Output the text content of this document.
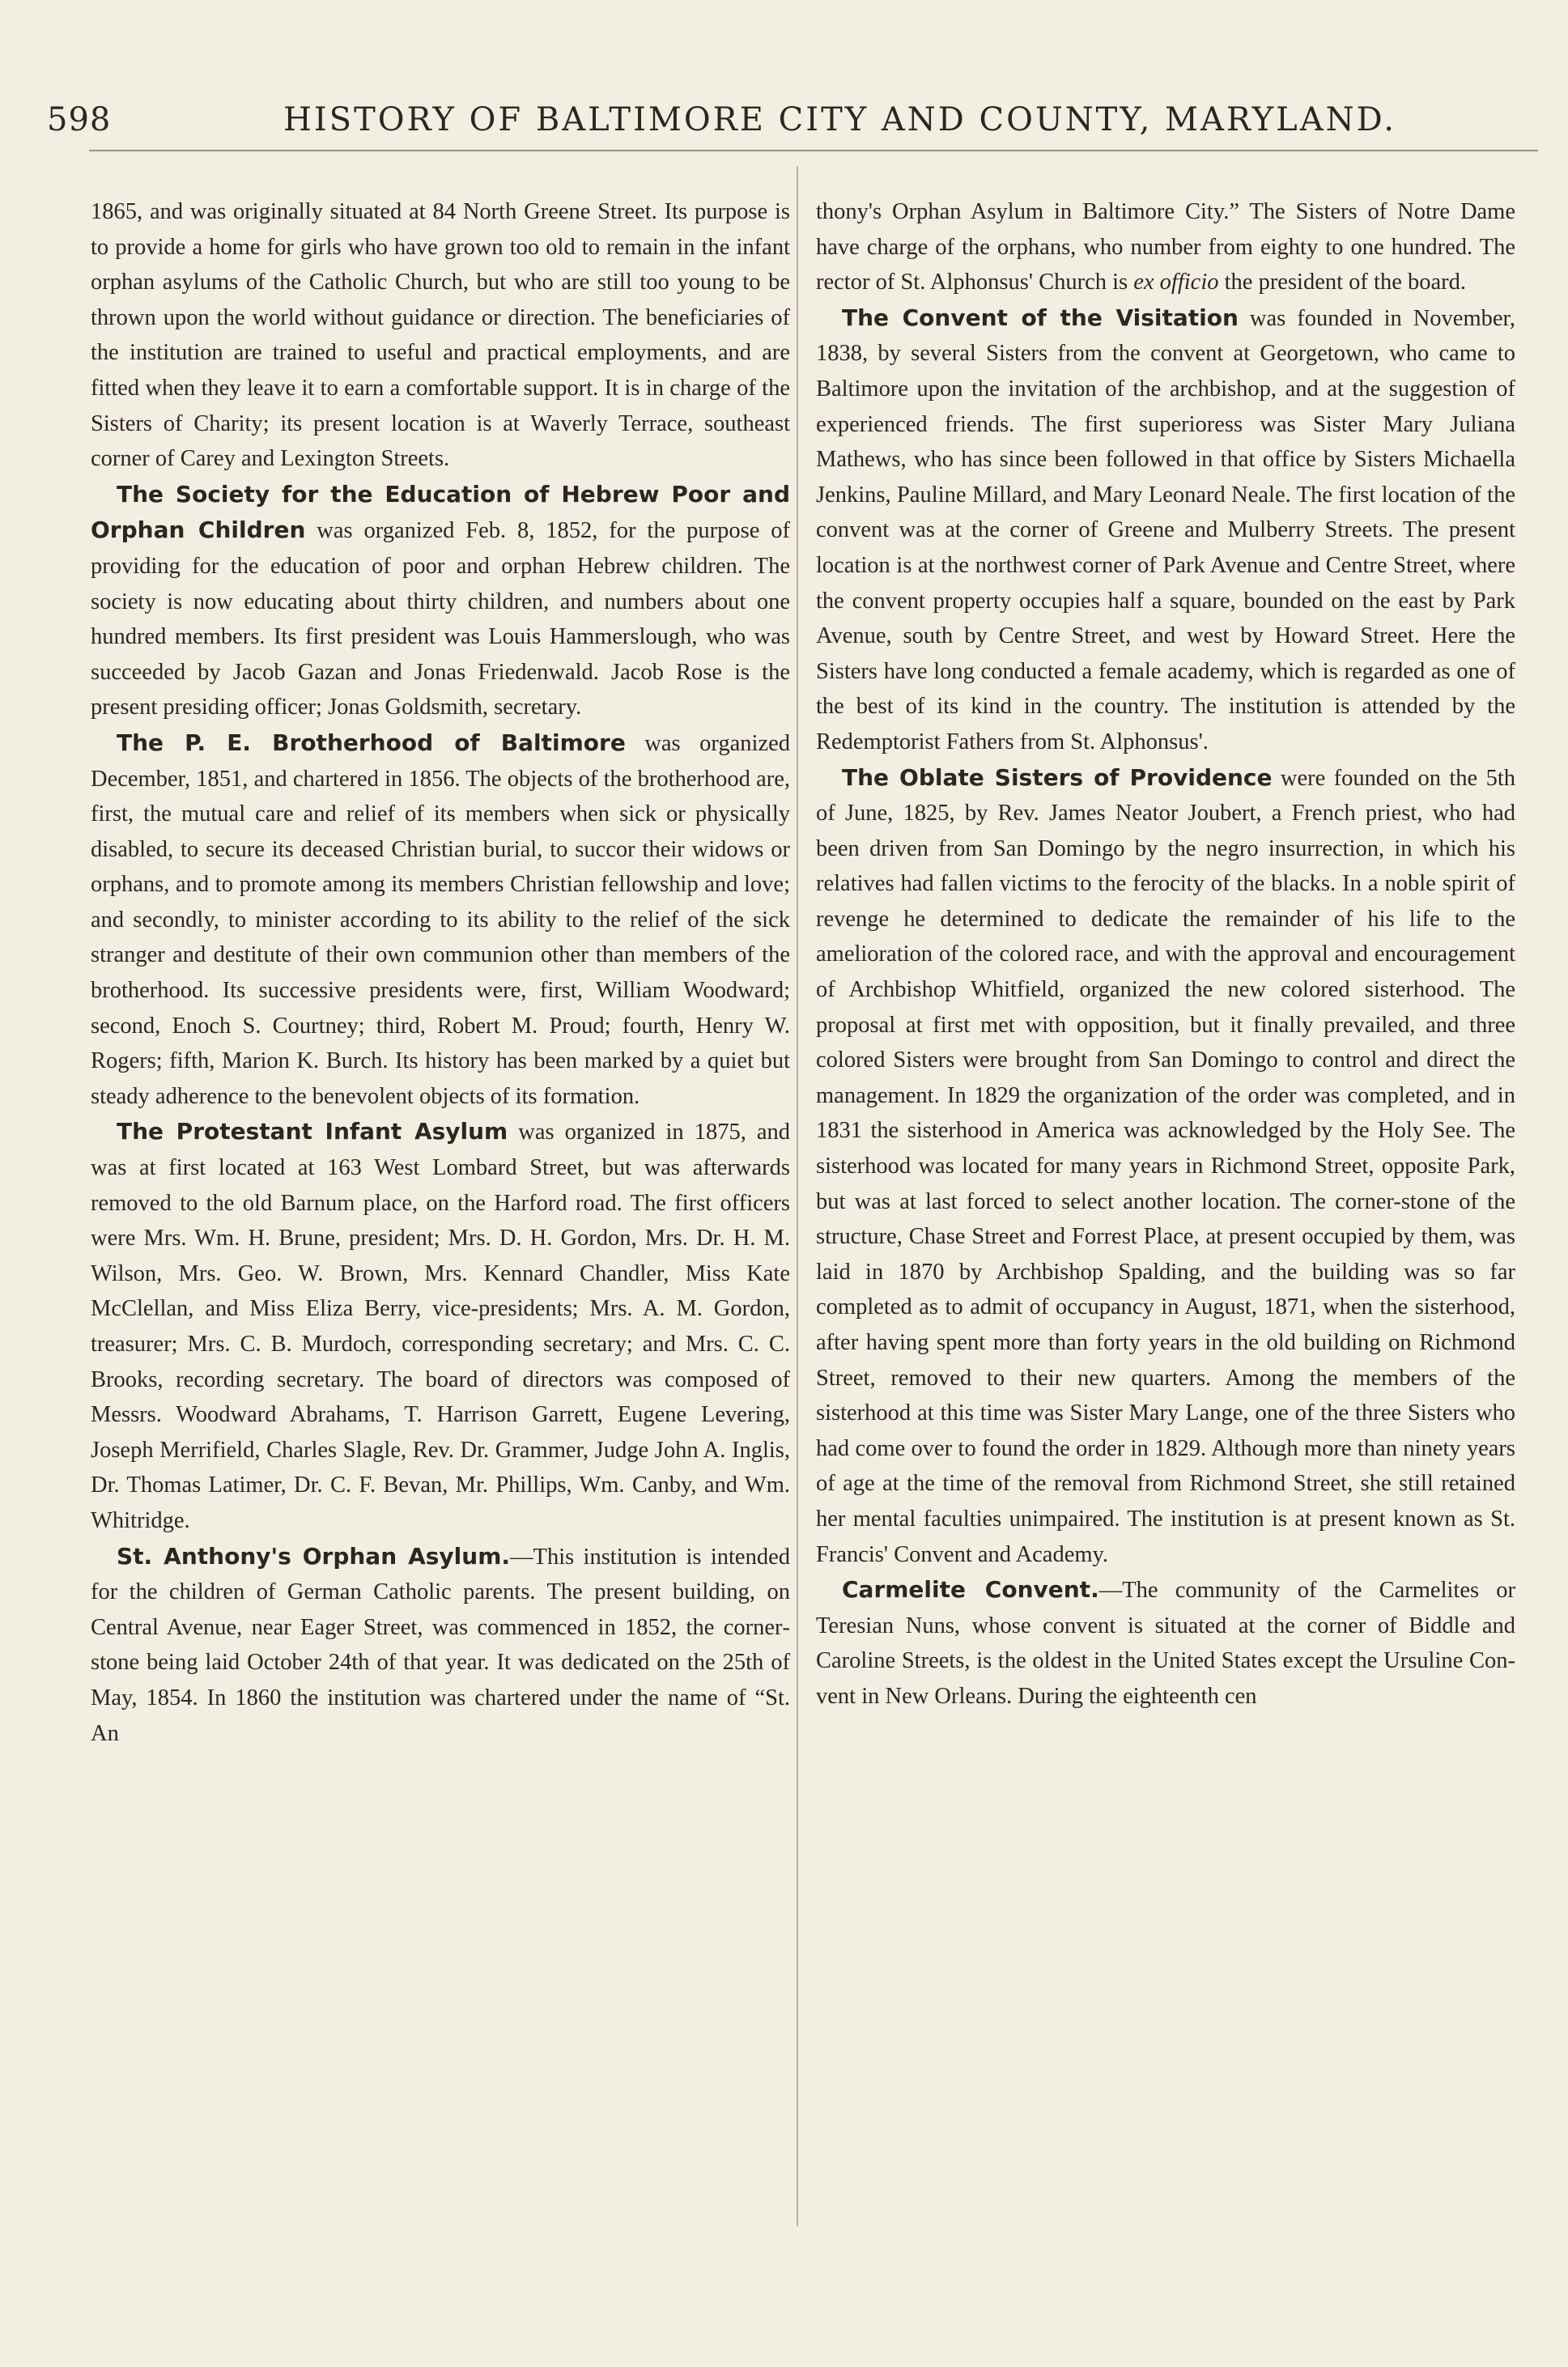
598	HISTORY OF BALTIMORE CITY AND COUNTY, MARYLAND.

1865, and was originally situated at 84 North Greene Street. Its purpose is to provide a home for girls who have grown too old to remain in the infant orphan asylums of the Catholic Church, but who are still too young to be thrown upon the world without guidance or direction. The beneficiaries of the institution are trained to useful and practical employments, and are fitted when they leave it to earn a comfortable support. It is in charge of the Sisters of Charity; its present location is at Waverly Terrace, southeast corner of Carey and Lexington Streets.

The Society for the Education of Hebrew Poor and Orphan Children was organized Feb. 8, 1852, for the purpose of providing for the education of poor and orphan Hebrew children. The society is now educating about thirty children, and numbers about one hundred members. Its first president was Louis Hammerslough, who was succeeded by Jacob Gazan and Jonas Friedenwald. Jacob Rose is the present presiding officer; Jonas Goldsmith, secretary.

The P. E. Brotherhood of Baltimore was organized December, 1851, and chartered in 1856. The objects of the brotherhood are, first, the mutual care and relief of its members when sick or physically disabled, to secure its deceased Christian burial, to succor their widows or orphans, and to promote among its members Christian fellowship and love; and secondly, to minister according to its ability to the relief of the sick stranger and destitute of their own communion other than members of the brotherhood. Its successive presidents were, first, William Woodward; second, Enoch S. Courtney; third, Robert M. Proud; fourth, Henry W. Rogers; fifth, Marion K. Burch. Its history has been marked by a quiet but steady adherence to the benevolent objects of its formation.

The Protestant Infant Asylum was organized in 1875, and was at first located at 163 West Lombard Street, but was afterwards removed to the old Barnum place, on the Harford road. The first officers were Mrs. Wm. H. Brune, president; Mrs. D. H. Gordon, Mrs. Dr. H. M. Wilson, Mrs. Geo. W. Brown, Mrs. Kennard Chandler, Miss Kate McClellan, and Miss Eliza Berry, vice-presidents; Mrs. A. M. Gordon, treasurer; Mrs. C. B. Murdoch, corresponding secretary; and Mrs. C. C. Brooks, recording secretary. The board of directors was composed of Messrs. Woodward Abrahams, T. Harrison Garrett, Eugene Levering, Joseph Merrifield, Charles Slagle, Rev. Dr. Grammer, Judge John A. Inglis, Dr. Thomas Latimer, Dr. C. F. Bevan, Mr. Phillips, Wm. Canby, and Wm. Whitridge.

St. Anthony's Orphan Asylum.—This institution is intended for the children of German Catholic parents. The present building, on Central Avenue, near Eager Street, was commenced in 1852, the cornerstone being laid October 24th of that year. It was dedicated on the 25th of May, 1854. In 1860 the institution was chartered under the name of “St. An

thony's Orphan Asylum in Baltimore City.” The Sisters of Notre Dame have charge of the orphans, who number from eighty to one hundred. The rector of St. Alphonsus' Church is ex officio the president of the board.

The Convent of the Visitation was founded in November, 1838, by several Sisters from the convent at Georgetown, who came to Baltimore upon the invitation of the archbishop, and at the suggestion of experienced friends. The first superioress was Sister Mary Juliana Mathews, who has since been followed in that office by Sisters Michaella Jenkins, Pauline Millard, and Mary Leonard Neale. The first location of the convent was at the corner of Greene and Mulberry Streets. The present location is at the northwest corner of Park Avenue and Centre Street, where the convent property occupies half a square, bounded on the east by Park Avenue, south by Centre Street, and west by Howard Street. Here the Sisters have long conducted a female academy, which is regarded as one of the best of its kind in the country. The institution is attended by the Redemptorist Fathers from St. Alphonsus'.

The Oblate Sisters of Providence were founded on the 5th of June, 1825, by Rev. James Neator Joubert, a French priest, who had been driven from San Domingo by the negro insurrection, in which his relatives had fallen victims to the ferocity of the blacks. In a noble spirit of revenge he determined to dedicate the remainder of his life to the amelioration of the colored race, and with the approval and encouragement of Archbishop Whitfield, organized the new colored sisterhood. The proposal at first met with opposition, but it finally prevailed, and three colored Sisters were brought from San Domingo to control and direct the management. In 1829 the organization of the order was completed, and in 1831 the sisterhood in America was acknowledged by the Holy See. The sisterhood was located for many years in Richmond Street, opposite Park, but was at last forced to select another location. The corner-stone of the structure, Chase Street and Forrest Place, at present occupied by them, was laid in 1870 by Archbishop Spalding, and the building was so far completed as to admit of occupancy in August, 1871, when the sisterhood, after having spent more than forty years in the old building on Richmond Street, removed to their new quarters. Among the members of the sisterhood at this time was Sister Mary Lange, one of the three Sisters who had come over to found the order in 1829. Although more than ninety years of age at the time of the removal from Richmond Street, she still retained her mental faculties unimpaired. The institution is at present known as St. Francis' Convent and Academy.

Carmelite Convent.—The community of the Carmelites or Teresian Nuns, whose convent is situated at the corner of Biddle and Caroline Streets, is the oldest in the United States except the Ursuline Convent in New Orleans. During the eighteenth cen
